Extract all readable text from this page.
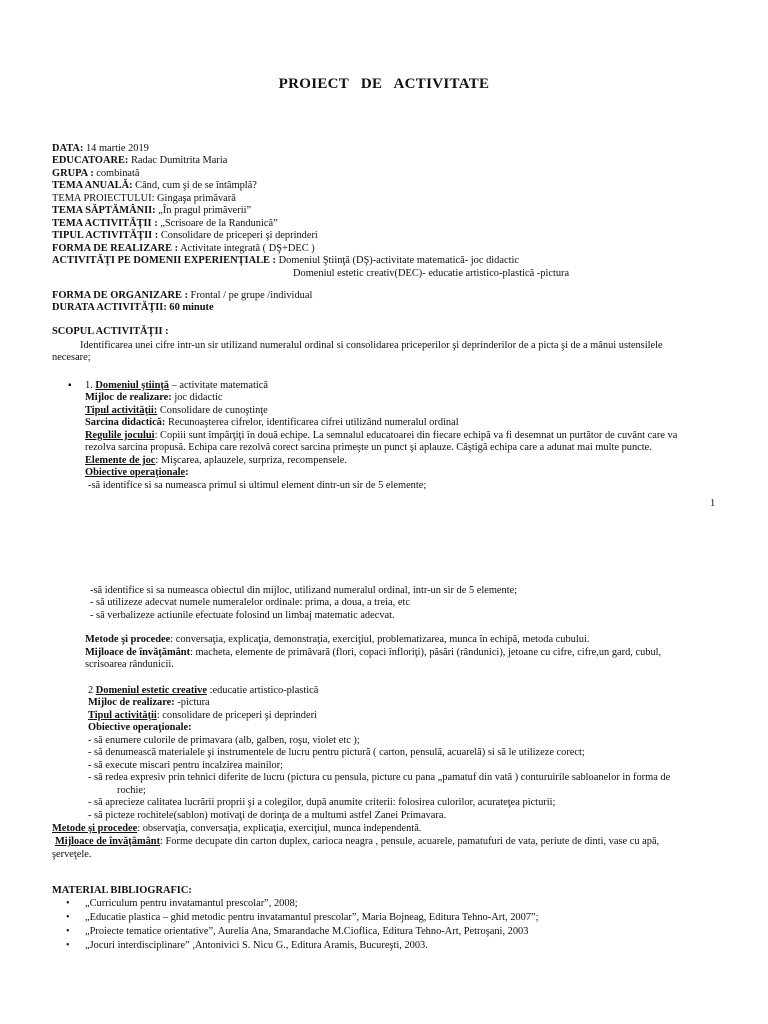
PROIECT DE ACTIVITATE
DATA: 14 martie 2019
EDUCATOARE: Radac Dumitrita Maria
GRUPA : combinată
TEMA ANUALĂ: Când, cum şi de se întâmplă?
TEMA PROIECTULUI: Gingaşa primăvară
TEMA SĂPTĂMÂNII: „În pragul primăverii”
TEMA ACTIVITĂŢII : „Scrisoare de la Randunică”
TIPUL ACTIVITĂŢII : Consolidare de priceperi şi deprinderi
FORMA DE REALIZARE : Activitate integrată ( DŞ+DEC )
ACTIVITĂŢI PE DOMENII EXPERIENŢIALE : Domeniul Ştiinţă (DŞ)-activitate matematică- joc didactic
Domeniul estetic creativ(DEC)- educatie artistico-plastică -pictura
FORMA DE ORGANIZARE : Frontal / pe grupe /individual
DURATA ACTIVITĂŢII: 60 minute
SCOPUL ACTIVITĂŢII :
Identificarea unei cifre intr-un sir utilizand numeralul ordinal si consolidarea priceperilor şi deprinderilor de a picta şi de a mânui ustensilele
necesare;
▪ 1. Domeniul ştiinţă – activitate matematică
Mijloc de realizare: joc didactic
Tipul activităţii: Consolidare de cunoştinţe
Sarcina didactică: Recunoaşterea cifrelor, identificarea cifrei utilizând numeralul ordinal
Regulile jocului: Copiii sunt împărţiţi în două echipe. La semnalul educatoarei din fiecare echipă va fi desemnat un purtător de cuvânt care va
rezolva sarcina propusă. Echipa care rezolvă corect sarcina primeşte un punct şi aplauze. Câştigă echipa care a adunat mai multe puncte.
Elemente de joc: Mişcarea, aplauzele, surpriza, recompensele.
Obiective operaţionale:
-să identifice si sa numeasca primul si ultimul element dintr-un sir de 5 elemente;
1
-să identifice si sa numeasca obiectul din mijloc, utilizand numeralul ordinal, intr-un sir de 5 elemente;
- să utilizeze adecvat numele numeralelor ordinale: prima, a doua, a treia, etc
- să verbalizeze actiunile efectuate folosind un limbaj matematic adecvat.
Metode şi procedee: conversaţia, explicaţia, demonstraţia, exerciţiul, problematizarea, munca în echipă, metoda cubului.
Mijloace de învăţământ: macheta, elemente de primăvară (flori, copaci înfloriţi), păsări (rândunici), jetoane cu cifre, cifre,un gard, cubul,
scrisoarea rândunicii.
2 Domeniul estetic creative :educatie artistico-plastică
Mijloc de realizare: -pictura
Tipul activităţii: consolidare de priceperi şi deprinderi
Obiective operaţionale:
- să enumere culorile de primavara (alb, galben, roşu, violet etc );
- să denumească materialele şi instrumentele de lucru pentru pictură ( carton, pensulă, acuarelă) si să le utilizeze corect;
- să execute miscari pentru incalzirea mainilor;
- să redea expresiv prin tehnici diferite de lucru (pictura cu pensula, picture cu pana „pamatuf din vată ) conturuirile sabloanelor in forma de
rochie;
- să aprecieze calitatea lucrării proprii şi a colegilor, după anumite criterii: folosirea culorilor, acurateţea picturii;
- să picteze rochitele(sablon) motivaţi de dorinţa de a multumi astfel Zanei Primavara.
Metode şi procedee: observaţia, conversaţia, explicaţia, exerciţiul, munca independentă.
Mijloace de învăţământ: Forme decupate din carton duplex, carioca neagra , pensule, acuarele, pamatufuri de vata, periute de dinti, vase cu apă,
şerveţele.
MATERIAL BIBLIOGRAFIC:
• „Curriculum pentru invatamantul prescolar”, 2008;
• „Educatie plastica – ghid metodic pentru invatamantul prescolar”, Maria Bojneag, Editura Tehno-Art, 2007”;
• „Proiecte tematice orientative”, Aurelia Ana, Smarandache M.Cioflica, Editura Tehno-Art, Petroşani, 2003
• „Jocuri interdisciplinare” ,Antonivici S. Nicu G., Editura Aramis, Bucureşti, 2003.
